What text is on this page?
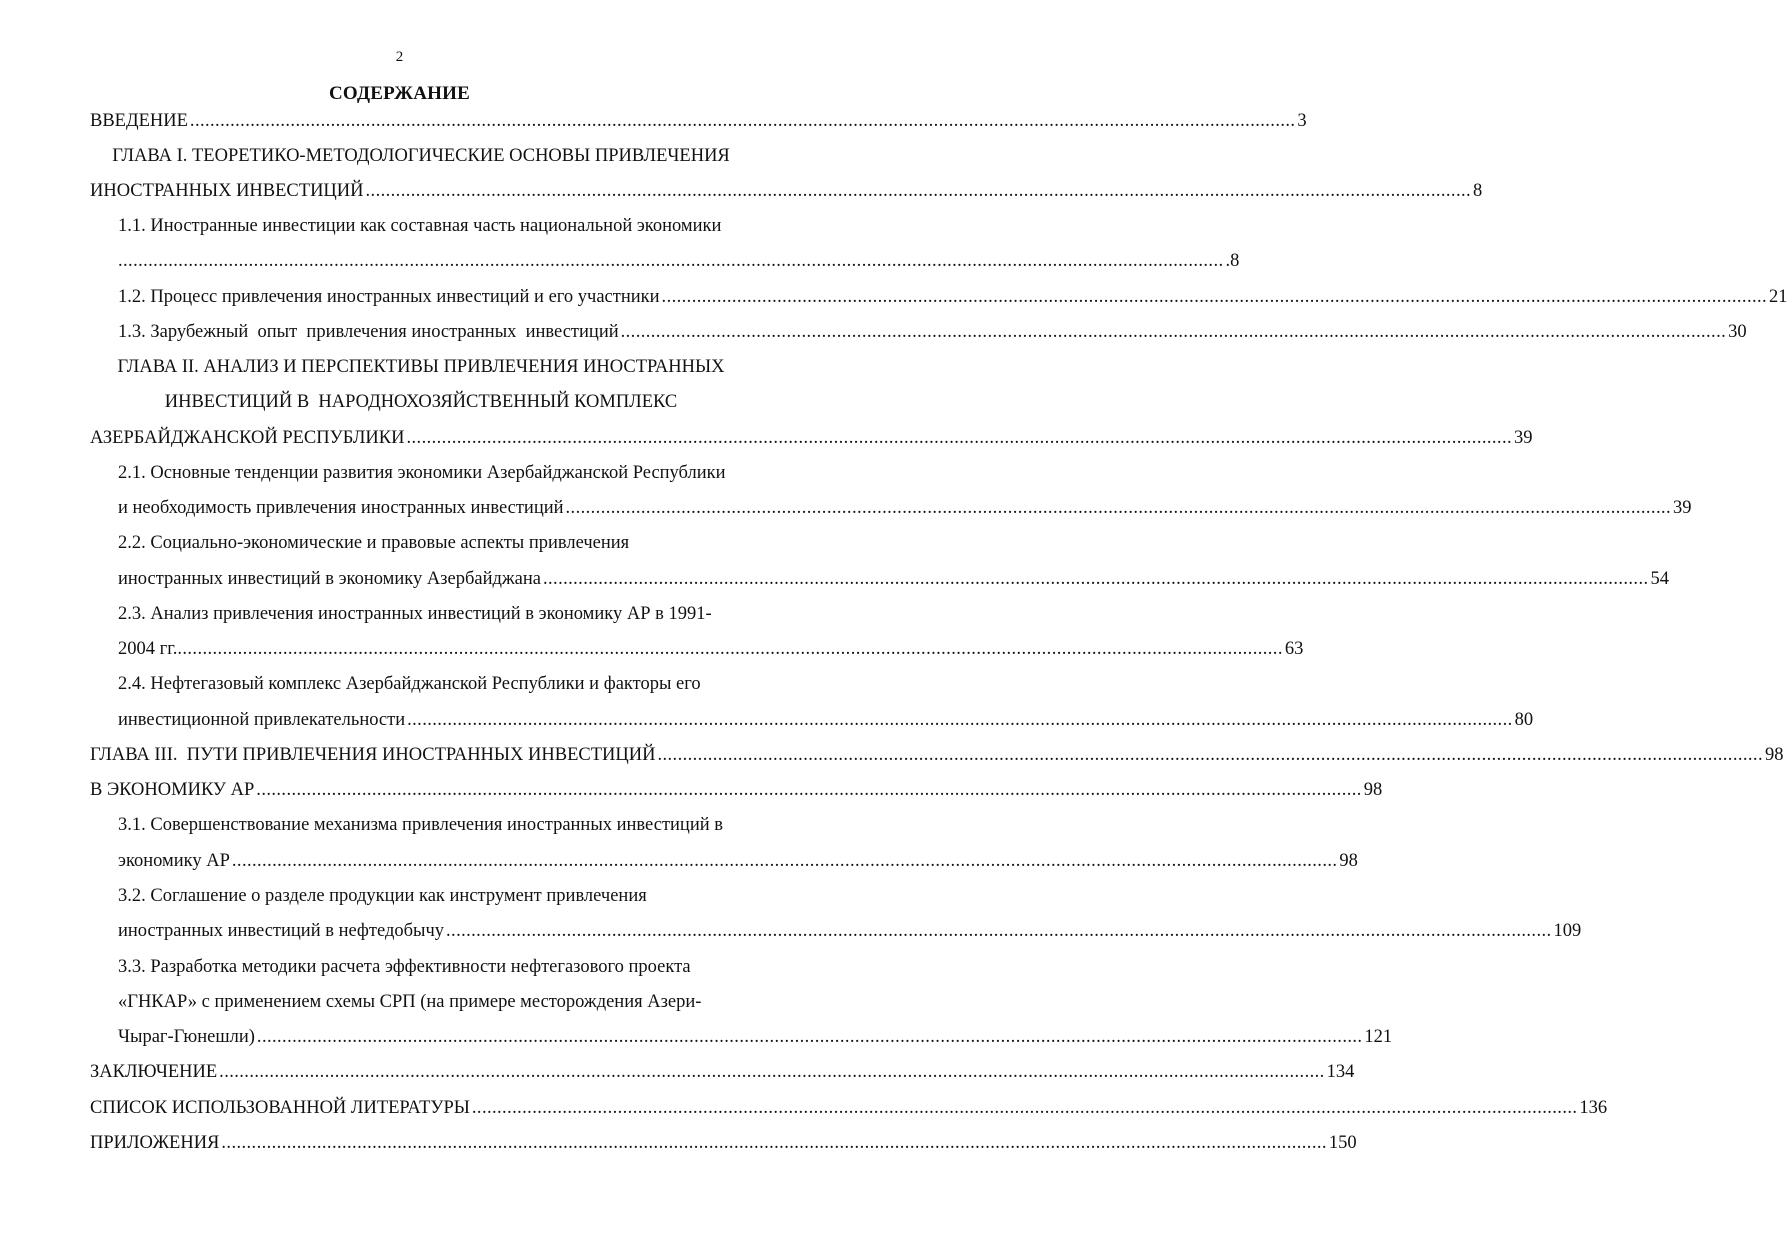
2
СОДЕРЖАНИЕ
ВВЕДЕНИЕ ............................................................................................................................................................................................................................ 3
ГЛАВА I. ТЕОРЕТИКО-МЕТОДОЛОГИЧЕСКИЕ ОСНОВЫ ПРИВЛЕЧЕНИЯ
ИНОСТРАННЫХ ИНВЕСТИЦИЙ ............................................................................................................................................................................................................................ 8
1.1. Иностранные инвестиции как составная часть национальной экономики
............................................................................................................................................................................................................................ .8
1.2. Процесс привлечения иностранных инвестиций и его участники ............................................................................................................................................................................................................................ 21
1.3. Зарубежный  опыт  привлечения иностранных  инвестиций ............................................................................................................................................................................................................................ 30
ГЛАВА II. АНАЛИЗ И ПЕРСПЕКТИВЫ ПРИВЛЕЧЕНИЯ ИНОСТРАННЫХ
ИНВЕСТИЦИЙ В  НАРОДНОХОЗЯЙСТВЕННЫЙ КОМПЛЕКС
АЗЕРБАЙДЖАНСКОЙ РЕСПУБЛИКИ ............................................................................................................................................................................................................................ 39
2.1. Основные тенденции развития экономики Азербайджанской Республики
и необходимость привлечения иностранных инвестиций ............................................................................................................................................................................................................................ 39
2.2. Социально-экономические и правовые аспекты привлечения
иностранных инвестиций в экономику Азербайджана ............................................................................................................................................................................................................................ 54
2.3. Анализ привлечения иностранных инвестиций в экономику АР в 1991-
2004 гг. ............................................................................................................................................................................................................................ 63
2.4. Нефтегазовый комплекс Азербайджанской Республики и факторы его
инвестиционной привлекательности ............................................................................................................................................................................................................................ 80
ГЛАВА III.  ПУТИ ПРИВЛЕЧЕНИЯ ИНОСТРАННЫХ ИНВЕСТИЦИЙ ............................................................................................................................................................................................................................ 98
В ЭКОНОМИКУ АР ............................................................................................................................................................................................................................ 98
3.1. Совершенствование механизма привлечения иностранных инвестиций в
экономику АР ............................................................................................................................................................................................................................ 98
3.2. Соглашение о разделе продукции как инструмент привлечения
иностранных инвестиций в нефтедобычу ............................................................................................................................................................................................................................ 109
3.3. Разработка методики расчета эффективности нефтегазового проекта
«ГНКАР» с применением схемы СРП (на примере месторождения Азери-
Чыраг-Гюнешли) ............................................................................................................................................................................................................................ 121
ЗАКЛЮЧЕНИЕ ............................................................................................................................................................................................................................ 134
СПИСОК ИСПОЛЬЗОВАННОЙ ЛИТЕРАТУРЫ ............................................................................................................................................................................................................................ 136
ПРИЛОЖЕНИЯ ............................................................................................................................................................................................................................ 150
